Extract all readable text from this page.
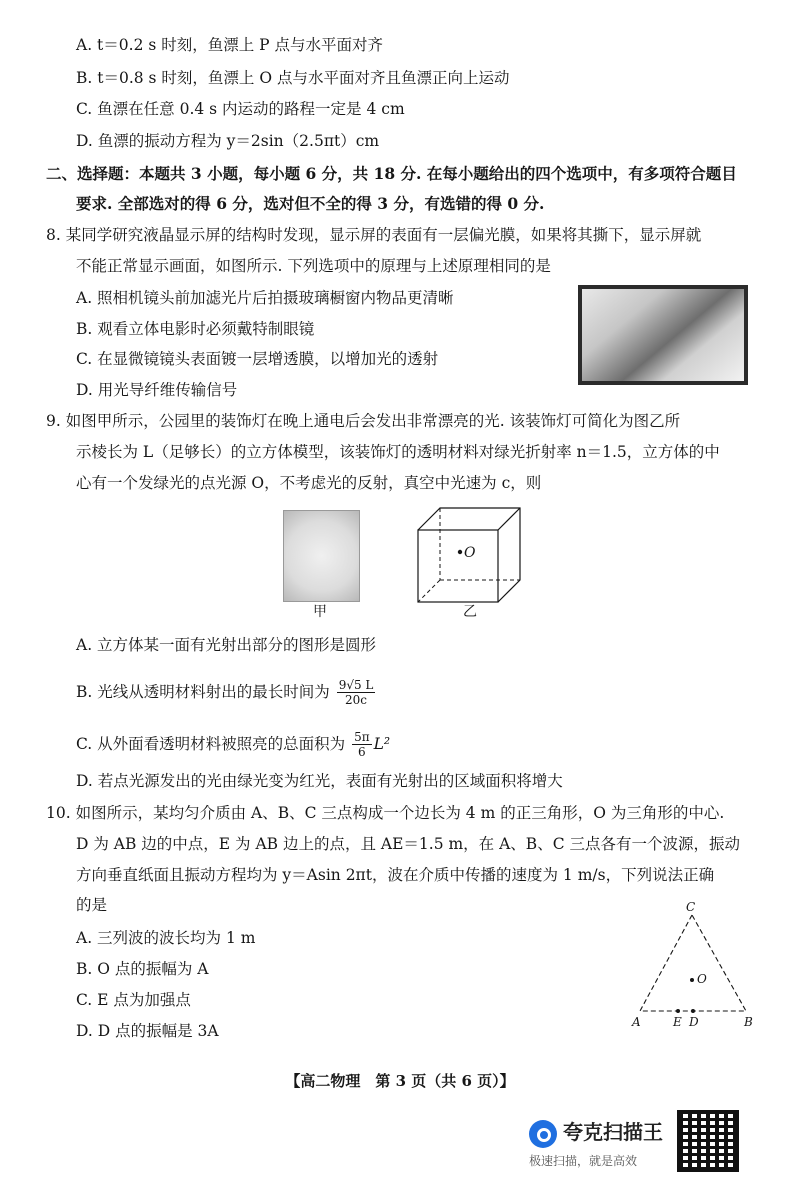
A. t＝0.2 s 时刻，鱼漂上 P 点与水平面对齐
B. t＝0.8 s 时刻，鱼漂上 O 点与水平面对齐且鱼漂正向上运动
C. 鱼漂在任意 0.4 s 内运动的路程一定是 4 cm
D. 鱼漂的振动方程为 y＝2sin（2.5πt）cm
二、选择题：本题共 3 小题，每小题 6 分，共 18 分. 在每小题给出的四个选项中，有多项符合题目
要求. 全部选对的得 6 分，选对但不全的得 3 分，有选错的得 0 分.
8. 某同学研究液晶显示屏的结构时发现，显示屏的表面有一层偏光膜，如果将其撕下，显示屏就
不能正常显示画面，如图所示. 下列选项中的原理与上述原理相同的是
A. 照相机镜头前加滤光片后拍摄玻璃橱窗内物品更清晰
B. 观看立体电影时必须戴特制眼镜
C. 在显微镜镜头表面镀一层增透膜，以增加光的透射
D. 用光导纤维传输信号
9. 如图甲所示，公园里的装饰灯在晚上通电后会发出非常漂亮的光. 该装饰灯可简化为图乙所
示棱长为 L（足够长）的立方体模型，该装饰灯的透明材料对绿光折射率 n＝1.5，立方体的中
心有一个发绿光的点光源 O，不考虑光的反射，真空中光速为 c，则
O
甲	乙
A. 立方体某一面有光射出部分的图形是圆形
B. 光线从透明材料射出的最长时间为 $\frac{9√5 L}{20c}$
C. 从外面看透明材料被照亮的总面积为 $\frac{5\pi}{6} L^2$
D. 若点光源发出的光由绿光变为红光，表面有光射出的区域面积将增大
10. 如图所示，某均匀介质由 A、B、C 三点构成一个边长为 4 m 的正三角形，O 为三角形的中心.
D 为 AB 边的中点，E 为 AB 边上的点，且 AE＝1.5 m，在 A、B、C 三点各有一个波源，振动
方向垂直纸面且振动方程均为 y＝Asin 2πt，波在介质中传播的速度为 1 m/s，下列说法正确
的是
A. 三列波的波长均为 1 m
B. O 点的振幅为 A
C. E 点为加强点
D. D 点的振幅是 3A
C
O
A	E D	B
【高二物理　第 3 页（共 6 页）】
夸克扫描王
极速扫描，就是高效
